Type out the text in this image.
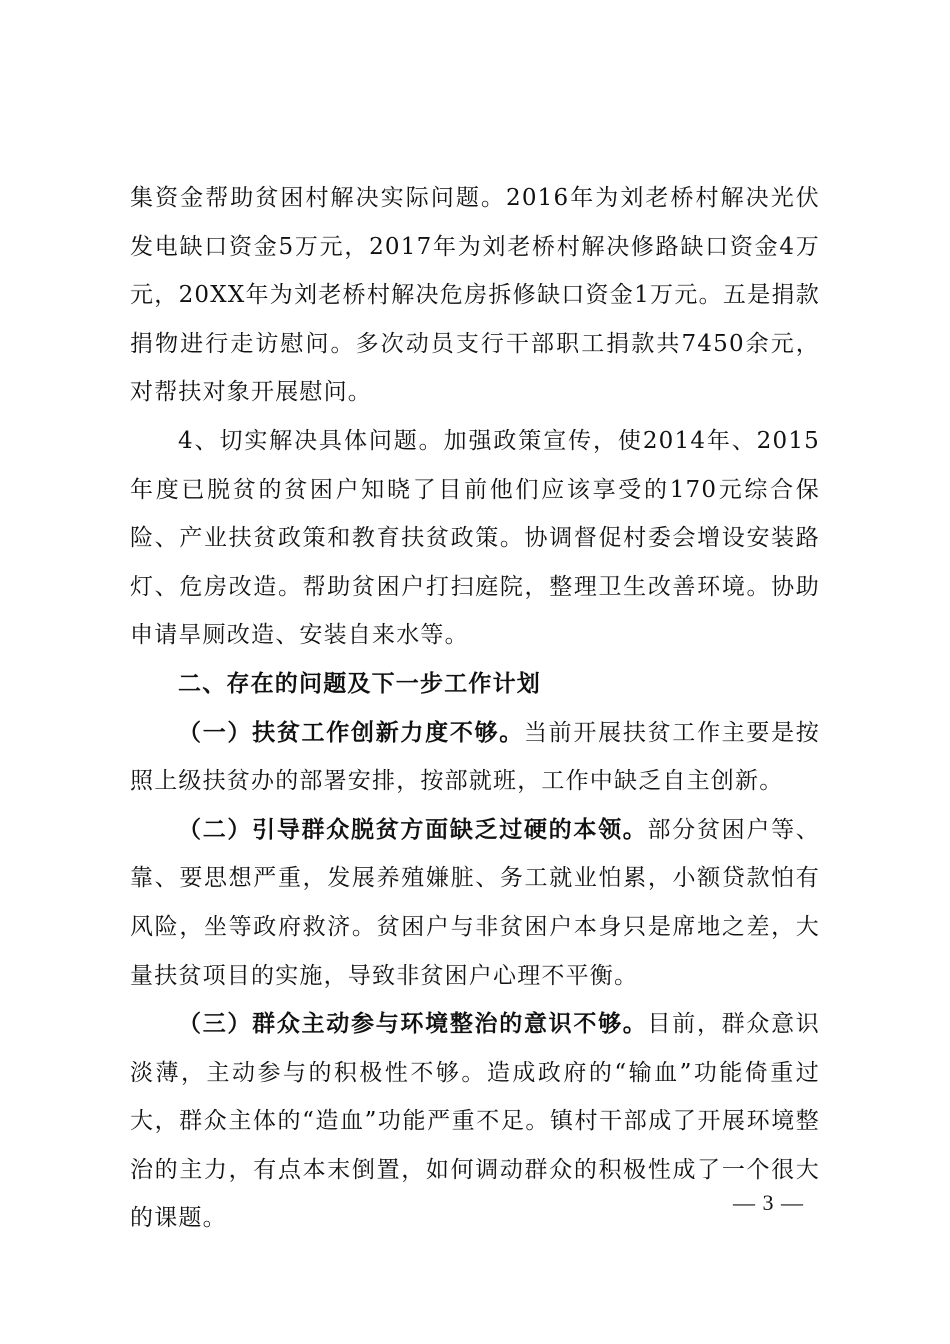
集资金帮助贫困村解决实际问题。2016年为刘老桥村解决光伏发电缺口资金5万元，2017年为刘老桥村解决修路缺口资金4万元，20XX年为刘老桥村解决危房拆修缺口资金1万元。五是捐款捐物进行走访慰问。多次动员支行干部职工捐款共7450余元，对帮扶对象开展慰问。

4、切实解决具体问题。加强政策宣传，使2014年、2015年度已脱贫的贫困户知晓了目前他们应该享受的170元综合保险、产业扶贫政策和教育扶贫政策。协调督促村委会增设安装路灯、危房改造。帮助贫困户打扫庭院，整理卫生改善环境。协助申请旱厕改造、安装自来水等。

二、存在的问题及下一步工作计划

（一）扶贫工作创新力度不够。当前开展扶贫工作主要是按照上级扶贫办的部署安排，按部就班，工作中缺乏自主创新。

（二）引导群众脱贫方面缺乏过硬的本领。部分贫困户等、靠、要思想严重，发展养殖嫌脏、务工就业怕累，小额贷款怕有风险，坐等政府救济。贫困户与非贫困户本身只是席地之差，大量扶贫项目的实施，导致非贫困户心理不平衡。

（三）群众主动参与环境整治的意识不够。目前，群众意识淡薄，主动参与的积极性不够。造成政府的“输血”功能倚重过大，群众主体的“造血”功能严重不足。镇村干部成了开展环境整治的主力，有点本末倒置，如何调动群众的积极性成了一个很大的课题。

— 3 —
